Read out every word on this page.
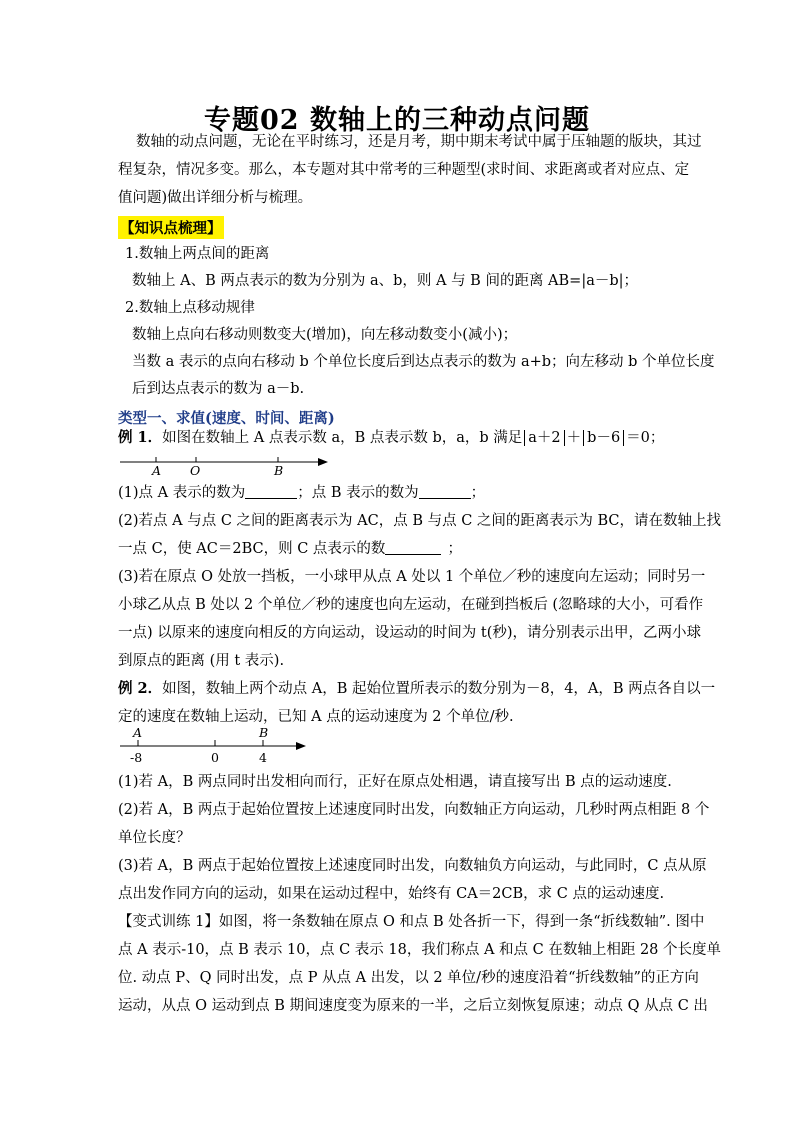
专题02 数轴上的三种动点问题
数轴的动点问题，无论在平时练习，还是月考，期中期末考试中属于压轴题的版块，其过
程复杂，情况多变。那么，本专题对其中常考的三种题型(求时间、求距离或者对应点、定
值问题)做出详细分析与梳理。
【知识点梳理】
1.数轴上两点间的距离
数轴上 A、B 两点表示的数为分别为 a、b，则 A 与 B 间的距离 AB=|a－b|；
2.数轴上点移动规律
数轴上点向右移动则数变大(增加)，向左移动数变小(减小)；
当数 a 表示的点向右移动 b 个单位长度后到达点表示的数为 a+b；向左移动 b 个单位长度
后到达点表示的数为 a－b.
类型一、求值(速度、时间、距离)
例 1．如图在数轴上 A 点表示数 a，B 点表示数 b，a，b 满足 a＋2 ＋ b－6 ＝0；
A O	B
(1)点 A 表示的数为	；点 B 表示的数为	；
(2)若点 A 与点 C 之间的距离表示为 AC，点 B 与点 C 之间的距离表示为 BC，请在数轴上找
一点 C，使 AC＝2BC，则 C 点表示的数	；
(3)若在原点 O 处放一挡板，一小球甲从点 A 处以 1 个单位／秒的速度向左运动；同时另一
小球乙从点 B 处以 2 个单位／秒的速度也向左运动，在碰到挡板后 (忽略球的大小，可看作
一点) 以原来的速度向相反的方向运动，设运动的时间为 t(秒)，请分别表示出甲，乙两小球
到原点的距离 (用 t 表示).
例 2．如图，数轴上两个动点 A，B 起始位置所表示的数分别为－8，4，A，B 两点各自以一
定的速度在数轴上运动，已知 A 点的运动速度为 2 个单位/秒.
A	B
-8	0	4
(1)若 A，B 两点同时出发相向而行，正好在原点处相遇，请直接写出 B 点的运动速度.
(2)若 A，B 两点于起始位置按上述速度同时出发，向数轴正方向运动，几秒时两点相距 8 个
单位长度？
(3)若 A，B 两点于起始位置按上述速度同时出发，向数轴负方向运动，与此同时，C 点从原
点出发作同方向的运动，如果在运动过程中，始终有 CA＝2CB，求 C 点的运动速度.
【变式训练 1】如图，将一条数轴在原点 O 和点 B 处各折一下，得到一条“折线数轴”. 图中
点 A 表示-10，点 B 表示 10，点 C 表示 18，我们称点 A 和点 C 在数轴上相距 28 个长度单
位. 动点 P、Q 同时出发，点 P 从点 A 出发，以 2 单位/秒的速度沿着“折线数轴”的正方向
运动，从点 O 运动到点 B 期间速度变为原来的一半，之后立刻恢复原速；动点 Q 从点 C 出
